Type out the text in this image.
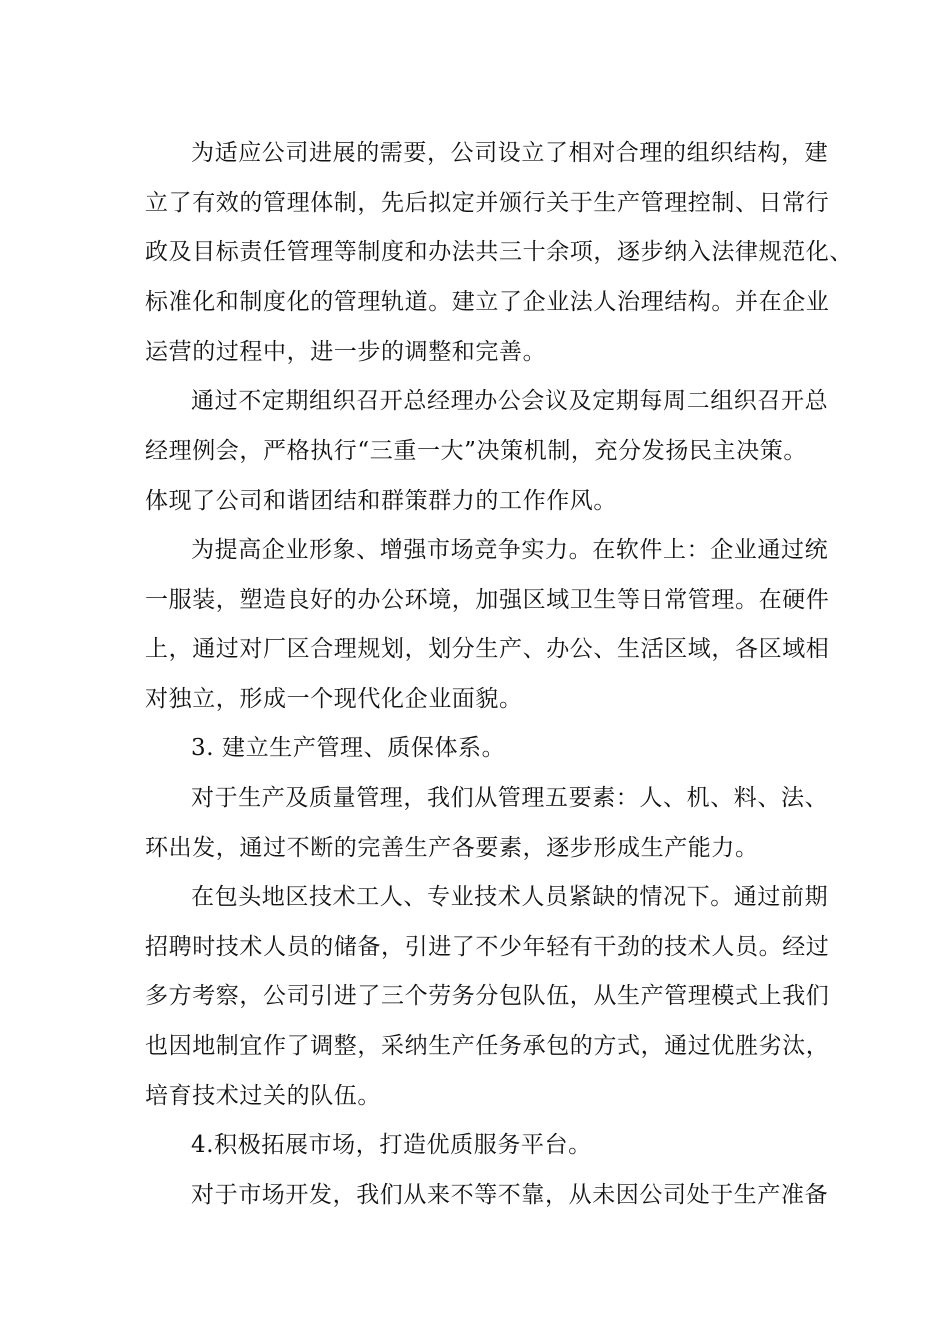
为适应公司进展的需要，公司设立了相对合理的组织结构，建
立了有效的管理体制，先后拟定并颁行关于生产管理控制、日常行
政及目标责任管理等制度和办法共三十余项，逐步纳入法律规范化、
标准化和制度化的管理轨道。建立了企业法人治理结构。并在企业
运营的过程中，进一步的调整和完善。
通过不定期组织召开总经理办公会议及定期每周二组织召开总
经理例会，严格执行“三重一大”决策机制，充分发扬民主决策。
体现了公司和谐团结和群策群力的工作作风。
为提高企业形象、增强市场竞争实力。在软件上：企业通过统
一服装，塑造良好的办公环境，加强区域卫生等日常管理。在硬件
上，通过对厂区合理规划，划分生产、办公、生活区域，各区域相
对独立，形成一个现代化企业面貌。
3. 建立生产管理、质保体系。
对于生产及质量管理，我们从管理五要素：人、机、料、法、
环出发，通过不断的完善生产各要素，逐步形成生产能力。
在包头地区技术工人、专业技术人员紧缺的情况下。通过前期
招聘时技术人员的储备，引进了不少年轻有干劲的技术人员。经过
多方考察，公司引进了三个劳务分包队伍，从生产管理模式上我们
也因地制宜作了调整，采纳生产任务承包的方式，通过优胜劣汰，
培育技术过关的队伍。
4.积极拓展市场，打造优质服务平台。
对于市场开发，我们从来不等不靠，从未因公司处于生产准备
